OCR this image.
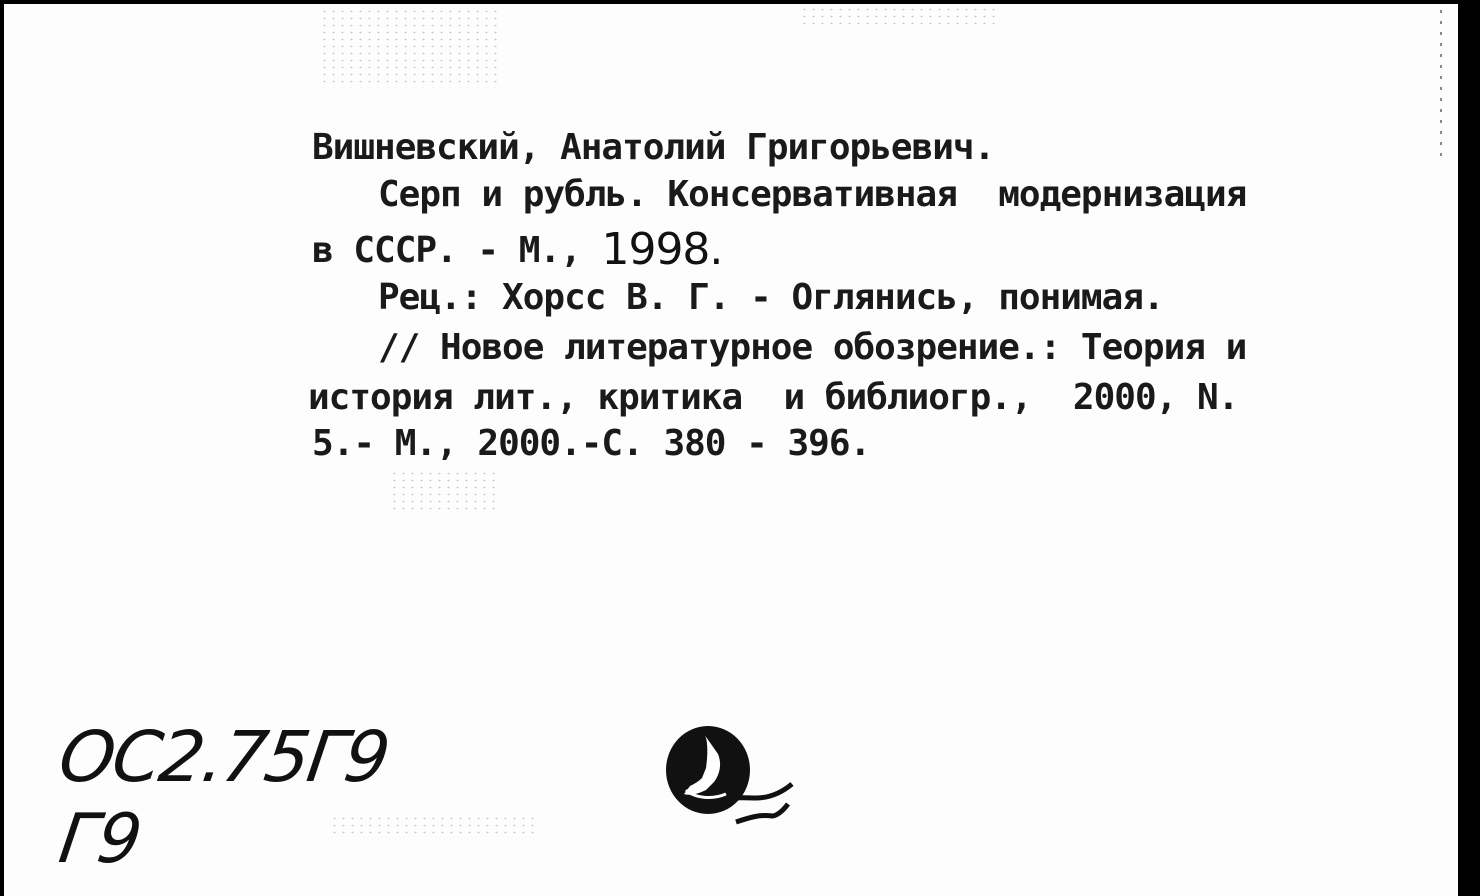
Вишневский, Анатолий Григорьевич.

Серп и рубль. Консервативная  модернизация

в СССР. - М., 1998.

Рец.: Хорсс В. Г. - Оглянись, понимая.

// Новое литературное обозрение.: Теория и

история лит., критика  и библиогр.,  2000, N.

5.- М., 2000.-С. 380 - 396.

ОС2.75Г9

Г9
